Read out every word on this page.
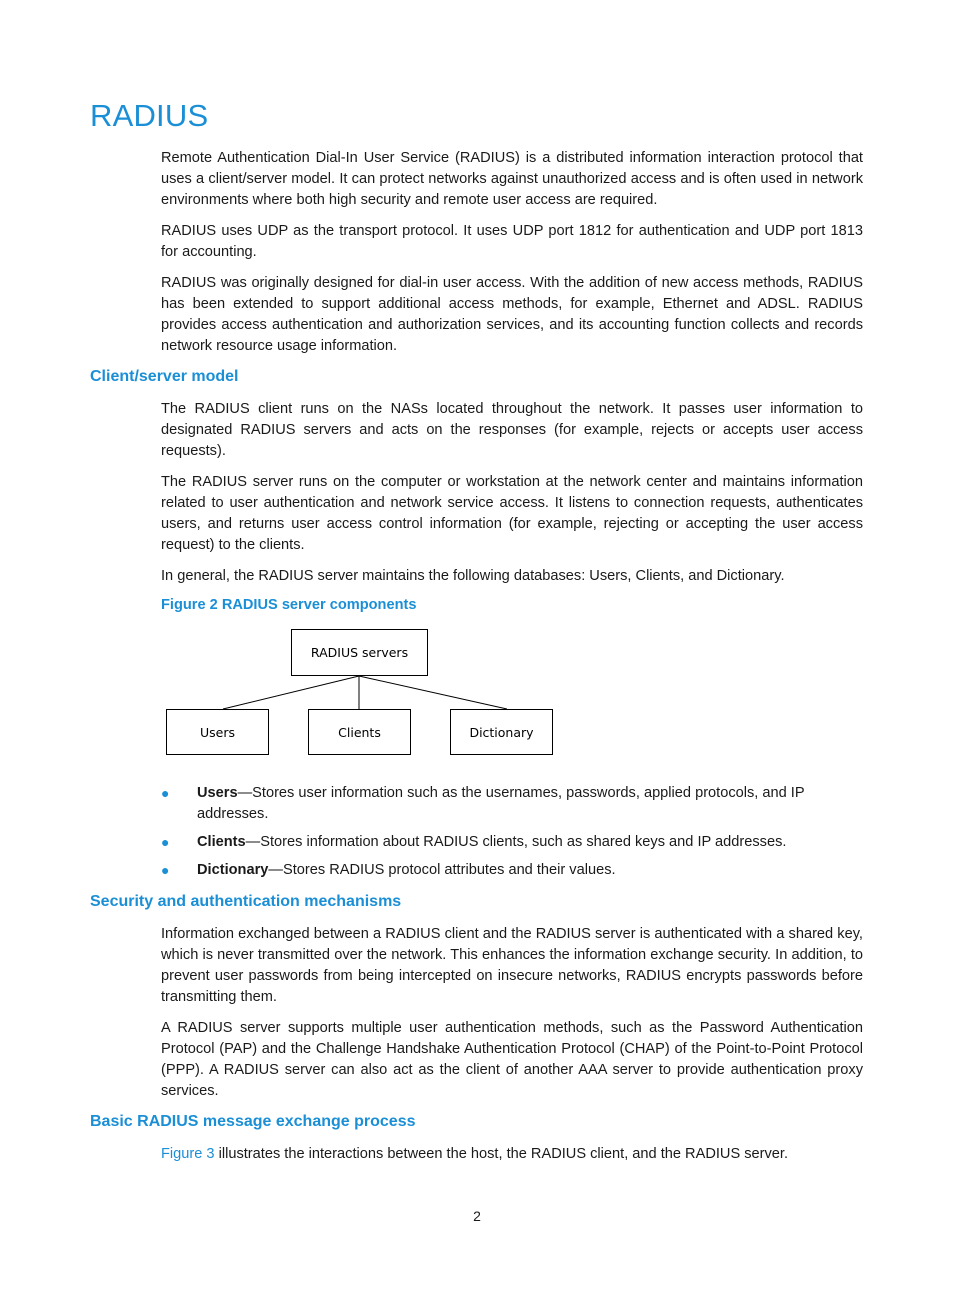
RADIUS

Remote Authentication Dial-In User Service (RADIUS) is a distributed information interaction protocol that uses a client/server model. It can protect networks against unauthorized access and is often used in network environments where both high security and remote user access are required.

RADIUS uses UDP as the transport protocol. It uses UDP port 1812 for authentication and UDP port 1813 for accounting.

RADIUS was originally designed for dial-in user access. With the addition of new access methods, RADIUS has been extended to support additional access methods, for example, Ethernet and ADSL. RADIUS provides access authentication and authorization services, and its accounting function collects and records network resource usage information.

Client/server model

The RADIUS client runs on the NASs located throughout the network. It passes user information to designated RADIUS servers and acts on the responses (for example, rejects or accepts user access requests).

The RADIUS server runs on the computer or workstation at the network center and maintains information related to user authentication and network service access. It listens to connection requests, authenticates users, and returns user access control information (for example, rejecting or accepting the user access request) to the clients.

In general, the RADIUS server maintains the following databases: Users, Clients, and Dictionary.

Figure 2 RADIUS server components

RADIUS servers
Users	Clients	Dictionary
● Users—Stores user information such as the usernames, passwords, applied protocols, and IP addresses.
● Clients—Stores information about RADIUS clients, such as shared keys and IP addresses.
● Dictionary—Stores RADIUS protocol attributes and their values.
Security and authentication mechanisms

Information exchanged between a RADIUS client and the RADIUS server is authenticated with a shared key, which is never transmitted over the network. This enhances the information exchange security. In addition, to prevent user passwords from being intercepted on insecure networks, RADIUS encrypts passwords before transmitting them.

A RADIUS server supports multiple user authentication methods, such as the Password Authentication Protocol (PAP) and the Challenge Handshake Authentication Protocol (CHAP) of the Point-to-Point Protocol (PPP). A RADIUS server can also act as the client of another AAA server to provide authentication proxy services.

Basic RADIUS message exchange process

Figure 3 illustrates the interactions between the host, the RADIUS client, and the RADIUS server.

2
